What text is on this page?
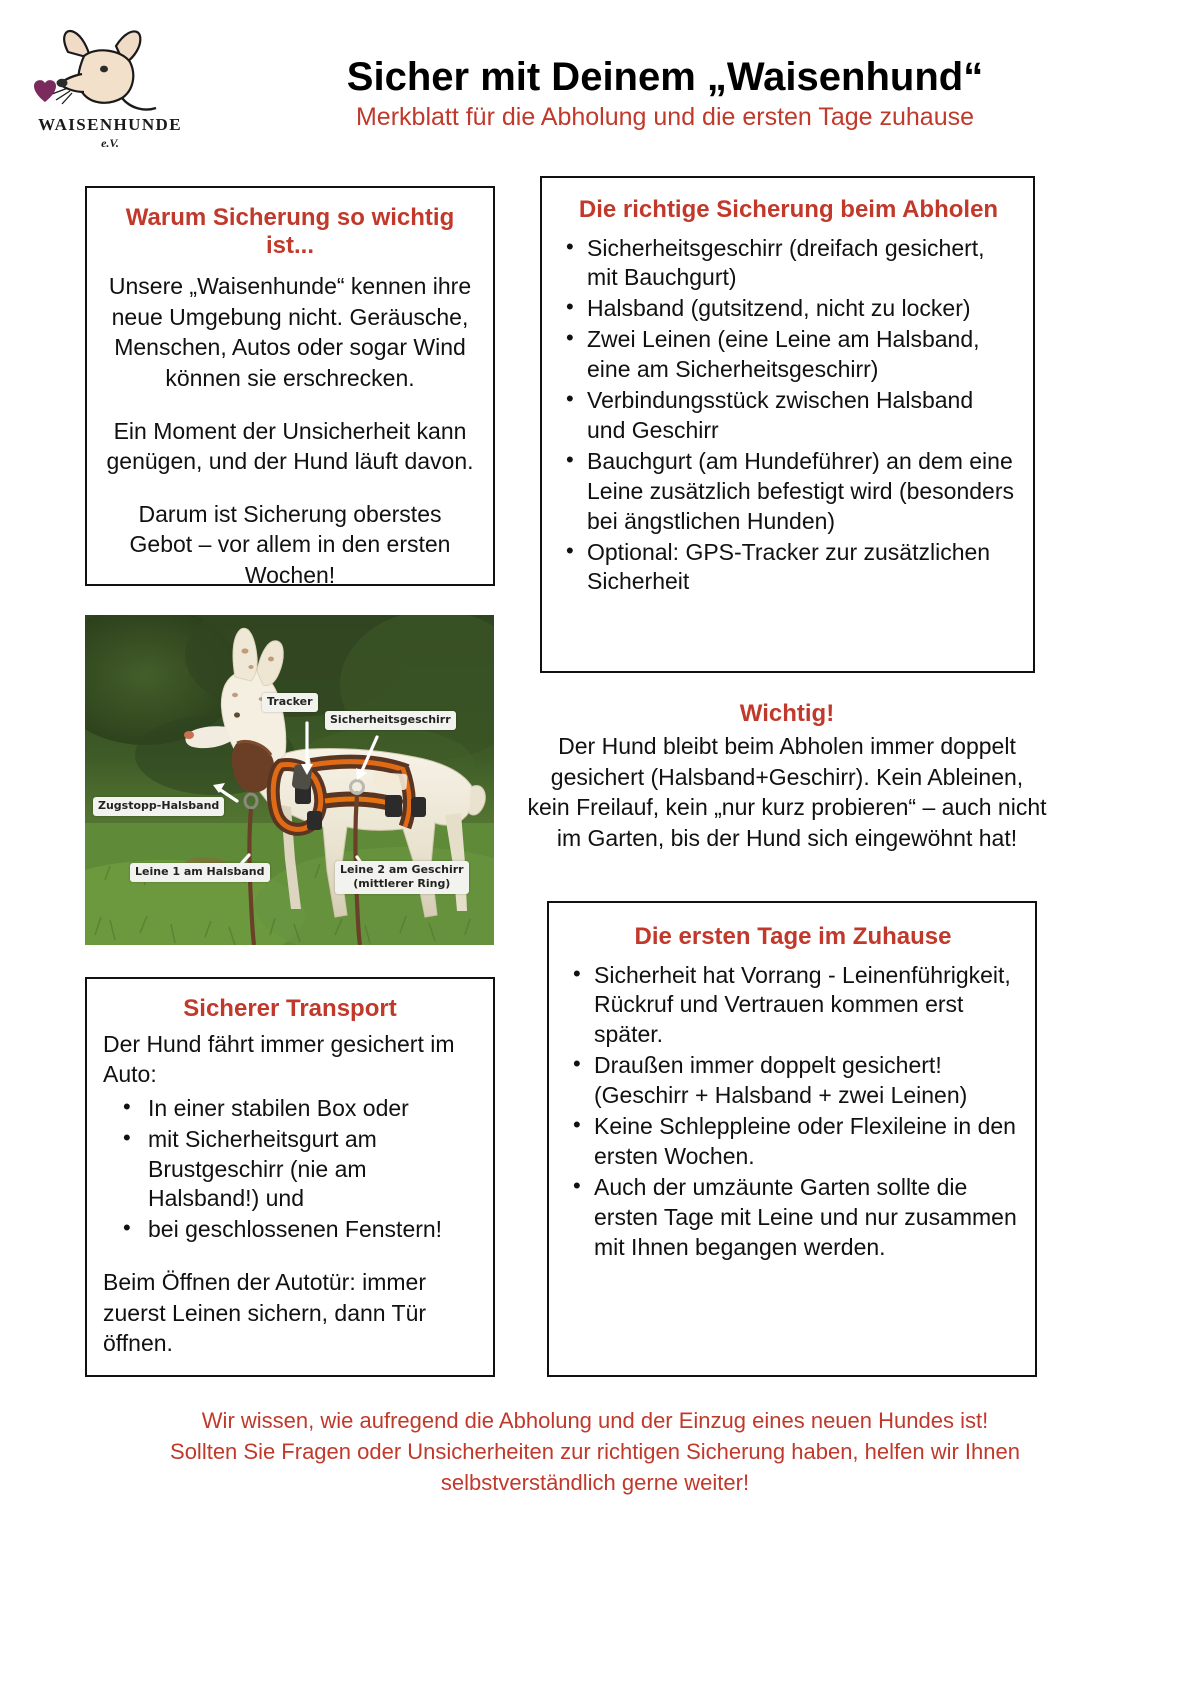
WAISENHUNDE
e.V.
Sicher mit Deinem „Waisenhund“
Merkblatt für die Abholung und die ersten Tage zuhause
Warum Sicherung so wichtig ist...

Unsere „Waisenhunde“ kennen ihre neue Umgebung nicht. Geräusche, Menschen, Autos oder sogar Wind können sie erschrecken.

Ein Moment der Unsicherheit kann genügen, und der Hund läuft davon.

Darum ist Sicherung oberstes Gebot – vor allem in den ersten Wochen!

Die richtige Sicherung beim Abholen
• Sicherheitsgeschirr (dreifach gesichert, mit Bauchgurt)
• Halsband (gutsitzend, nicht zu locker)
• Zwei Leinen (eine Leine am Halsband, eine am Sicherheitsgeschirr)
• Verbindungsstück zwischen Halsband und Geschirr
• Bauchgurt (am Hundeführer) an dem eine Leine zusätzlich befestigt wird (besonders bei ängstlichen Hunden)
• Optional: GPS-Tracker zur zusätzlichen Sicherheit
Wichtig!
Der Hund bleibt beim Abholen immer doppelt gesichert (Halsband+Geschirr). Kein Ableinen, kein Freilauf, kein „nur kurz probieren“ – auch nicht im Garten, bis der Hund sich eingewöhnt hat!
Tracker
Sicherheitsgeschirr
Zugstopp-Halsband
Leine 1 am Halsband	Leine 2 am Geschirr
(mittlerer Ring)
Sicherer Transport
Der Hund fährt immer gesichert im Auto:
• In einer stabilen Box oder
• mit Sicherheitsgurt am Brustgeschirr (nie am Halsband!) und
• bei geschlossenen Fenstern!
Beim Öffnen der Autotür: immer zuerst Leinen sichern, dann Tür öffnen.
Die ersten Tage im Zuhause
• Sicherheit hat Vorrang - Leinenführigkeit, Rückruf und Vertrauen kommen erst später.
• Draußen immer doppelt gesichert! (Geschirr + Halsband + zwei Leinen)
• Keine Schleppleine oder Flexileine in den ersten Wochen.
• Auch der umzäunte Garten sollte die ersten Tage mit Leine und nur zusammen mit Ihnen begangen werden.
Wir wissen, wie aufregend die Abholung und der Einzug eines neuen Hundes ist!
Sollten Sie Fragen oder Unsicherheiten zur richtigen Sicherung haben, helfen wir Ihnen
selbstverständlich gerne weiter!
